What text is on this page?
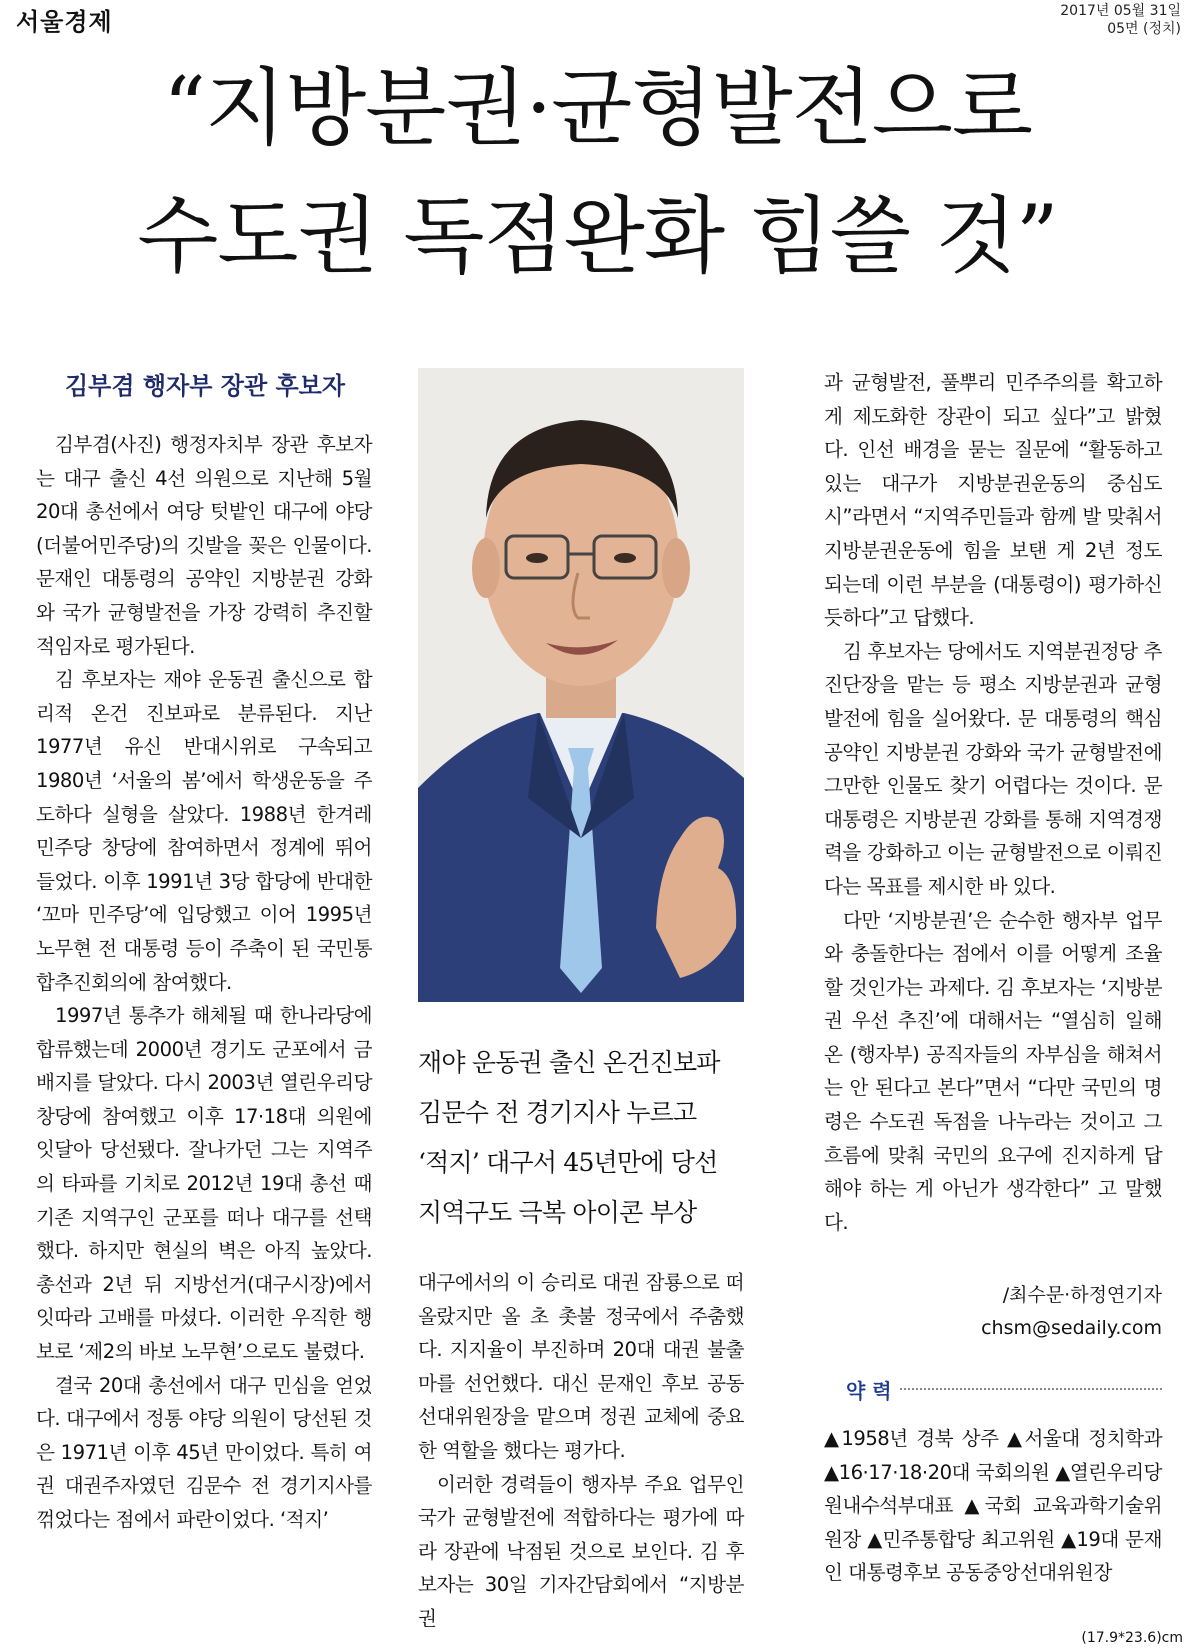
서울경제	2017년 05월 31일
05면 (정치)
“지방분권·균형발전으로
수도권 독점완화 힘쓸 것”
김부겸 행자부 장관 후보자

김부겸(사진) 행정자치부 장관 후보자는 대구 출신 4선 의원으로 지난해 5월 20대 총선에서 여당 텃밭인 대구에 야당(더불어민주당)의 깃발을 꽂은 인물이다. 문재인 대통령의 공약인 지방분권 강화와 국가 균형발전을 가장 강력히 추진할 적임자로 평가된다.

김 후보자는 재야 운동권 출신으로 합리적 온건 진보파로 분류된다. 지난 1977년 유신 반대시위로 구속되고 1980년 ‘서울의 봄’에서 학생운동을 주도하다 실형을 살았다. 1988년 한겨레 민주당 창당에 참여하면서 정계에 뛰어들었다. 이후 1991년 3당 합당에 반대한 ‘꼬마 민주당’에 입당했고 이어 1995년 노무현 전 대통령 등이 주축이 된 국민통합추진회의에 참여했다.

1997년 통추가 해체될 때 한나라당에 합류했는데 2000년 경기도 군포에서 금배지를 달았다. 다시 2003년 열린우리당 창당에 참여했고 이후 17·18대 의원에 잇달아 당선됐다. 잘나가던 그는 지역주의 타파를 기치로 2012년 19대 총선 때 기존 지역구인 군포를 떠나 대구를 선택했다. 하지만 현실의 벽은 아직 높았다. 총선과 2년 뒤 지방선거(대구시장)에서 잇따라 고배를 마셨다. 이러한 우직한 행보로 ‘제2의 바보 노무현’으로도 불렸다.

결국 20대 총선에서 대구 민심을 얻었다. 대구에서 정통 야당 의원이 당선된 것은 1971년 이후 45년 만이었다. 특히 여권 대권주자였던 김문수 전 경기지사를 꺾었다는 점에서 파란이었다. ‘적지’

재야 운동권 출신 온건진보파
김문수 전 경기지사 누르고
‘적지’ 대구서 45년만에 당선
지역구도 극복 아이콘 부상

대구에서의 이 승리로 대권 잠룡으로 떠올랐지만 올 초 촛불 정국에서 주춤했다. 지지율이 부진하며 20대 대권 불출마를 선언했다. 대신 문재인 후보 공동선대위원장을 맡으며 정권 교체에 중요한 역할을 했다는 평가다.

이러한 경력들이 행자부 주요 업무인 국가 균형발전에 적합하다는 평가에 따라 장관에 낙점된 것으로 보인다. 김 후보자는 30일 기자간담회에서 “지방분권

과 균형발전, 풀뿌리 민주주의를 확고하게 제도화한 장관이 되고 싶다”고 밝혔다. 인선 배경을 묻는 질문에 “활동하고 있는 대구가 지방분권운동의 중심도시”라면서 “지역주민들과 함께 발 맞춰서 지방분권운동에 힘을 보탠 게 2년 정도 되는데 이런 부분을 (대통령이) 평가하신 듯하다”고 답했다.

김 후보자는 당에서도 지역분권정당 추진단장을 맡는 등 평소 지방분권과 균형발전에 힘을 실어왔다. 문 대통령의 핵심공약인 지방분권 강화와 국가 균형발전에 그만한 인물도 찾기 어렵다는 것이다. 문 대통령은 지방분권 강화를 통해 지역경쟁력을 강화하고 이는 균형발전으로 이뤄진다는 목표를 제시한 바 있다.

다만 ‘지방분권’은 순수한 행자부 업무와 충돌한다는 점에서 이를 어떻게 조율할 것인가는 과제다. 김 후보자는 ‘지방분권 우선 추진’에 대해서는 “열심히 일해온 (행자부) 공직자들의 자부심을 해쳐서는 안 된다고 본다”면서 “다만 국민의 명령은 수도권 독점을 나누라는 것이고 그 흐름에 맞춰 국민의 요구에 진지하게 답해야 하는 게 아닌가 생각한다” 고 말했다.

/최수문·하정연기자
chsm@sedaily.com
약 력
▲1958년 경북 상주 ▲서울대 정치학과 ▲16·17·18·20대 국회의원 ▲열린우리당 원내수석부대표 ▲국회 교육과학기술위원장 ▲민주통합당 최고위원 ▲19대 문재인 대통령후보 공동중앙선대위원장
(17.9*23.6)cm
